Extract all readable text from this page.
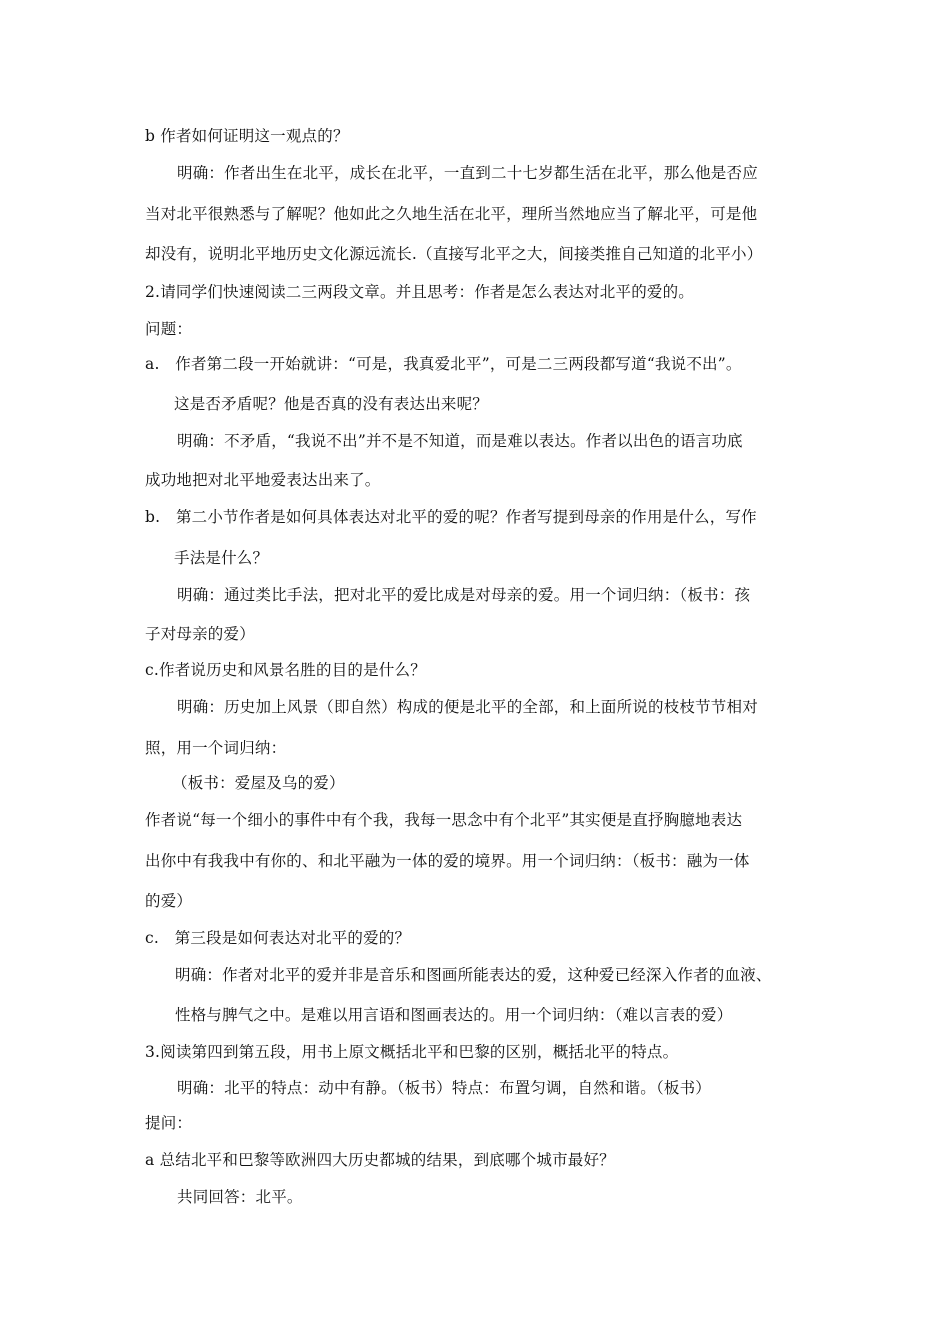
b 作者如何证明这一观点的？
明确：作者出生在北平，成长在北平，一直到二十七岁都生活在北平，那么他是否应
当对北平很熟悉与了解呢？他如此之久地生活在北平，理所当然地应当了解北平，可是他
却没有，说明北平地历史文化源远流长.（直接写北平之大，间接类推自己知道的北平小）
2.请同学们快速阅读二三两段文章。并且思考：作者是怎么表达对北平的爱的。
问题：
a.　作者第二段一开始就讲：“可是，我真爱北平”，可是二三两段都写道“我说不出”。
这是否矛盾呢？他是否真的没有表达出来呢？
明确：不矛盾，“我说不出”并不是不知道，而是难以表达。作者以出色的语言功底
成功地把对北平地爱表达出来了。
b.　第二小节作者是如何具体表达对北平的爱的呢？作者写提到母亲的作用是什么，写作
手法是什么？
明确：通过类比手法，把对北平的爱比成是对母亲的爱。用一个词归纳：（板书：孩
子对母亲的爱）
c.作者说历史和风景名胜的目的是什么？
明确：历史加上风景（即自然）构成的便是北平的全部，和上面所说的枝枝节节相对
照，用一个词归纳：
（板书：爱屋及乌的爱）
作者说“每一个细小的事件中有个我，我每一思念中有个北平”其实便是直抒胸臆地表达
出你中有我我中有你的、和北平融为一体的爱的境界。用一个词归纳：（板书：融为一体
的爱）
c.　第三段是如何表达对北平的爱的？
明确：作者对北平的爱并非是音乐和图画所能表达的爱，这种爱已经深入作者的血液、
性格与脾气之中。是难以用言语和图画表达的。用一个词归纳：（难以言表的爱）
3.阅读第四到第五段，用书上原文概括北平和巴黎的区别，概括北平的特点。
明确：北平的特点：动中有静。（板书）特点：布置匀调，自然和谐。（板书）
提问：
a 总结北平和巴黎等欧洲四大历史都城的结果，到底哪个城市最好？
共同回答：北平。
